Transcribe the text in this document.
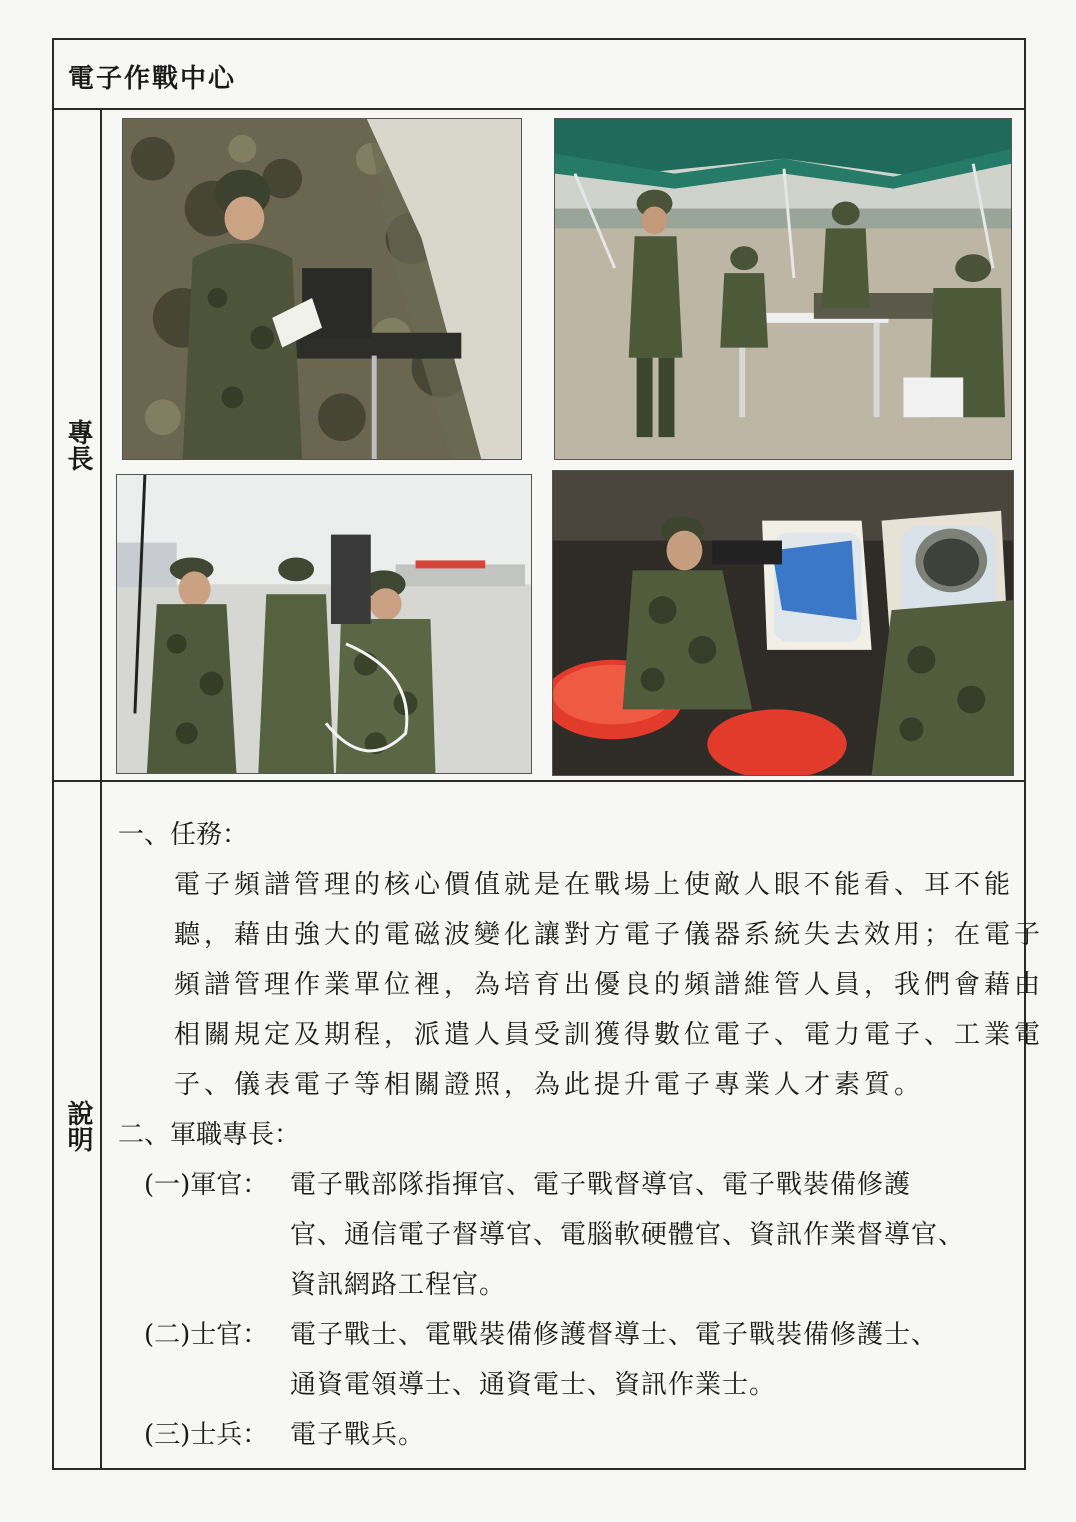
電子作戰中心
專長
說明
一、任務：
電子頻譜管理的核心價值就是在戰場上使敵人眼不能看、耳不能
聽，藉由強大的電磁波變化讓對方電子儀器系統失去效用；在電子
頻譜管理作業單位裡，為培育出優良的頻譜維管人員，我們會藉由
相關規定及期程，派遣人員受訓獲得數位電子、電力電子、工業電
子、儀表電子等相關證照，為此提升電子專業人才素質。
二、軍職專長：
(一)軍官： 電子戰部隊指揮官、電子戰督導官、電子戰裝備修護
官、通信電子督導官、電腦軟硬體官、資訊作業督導官、
資訊網路工程官。
(二)士官： 電子戰士、電戰裝備修護督導士、電子戰裝備修護士、
通資電領導士、通資電士、資訊作業士。
(三)士兵： 電子戰兵。
